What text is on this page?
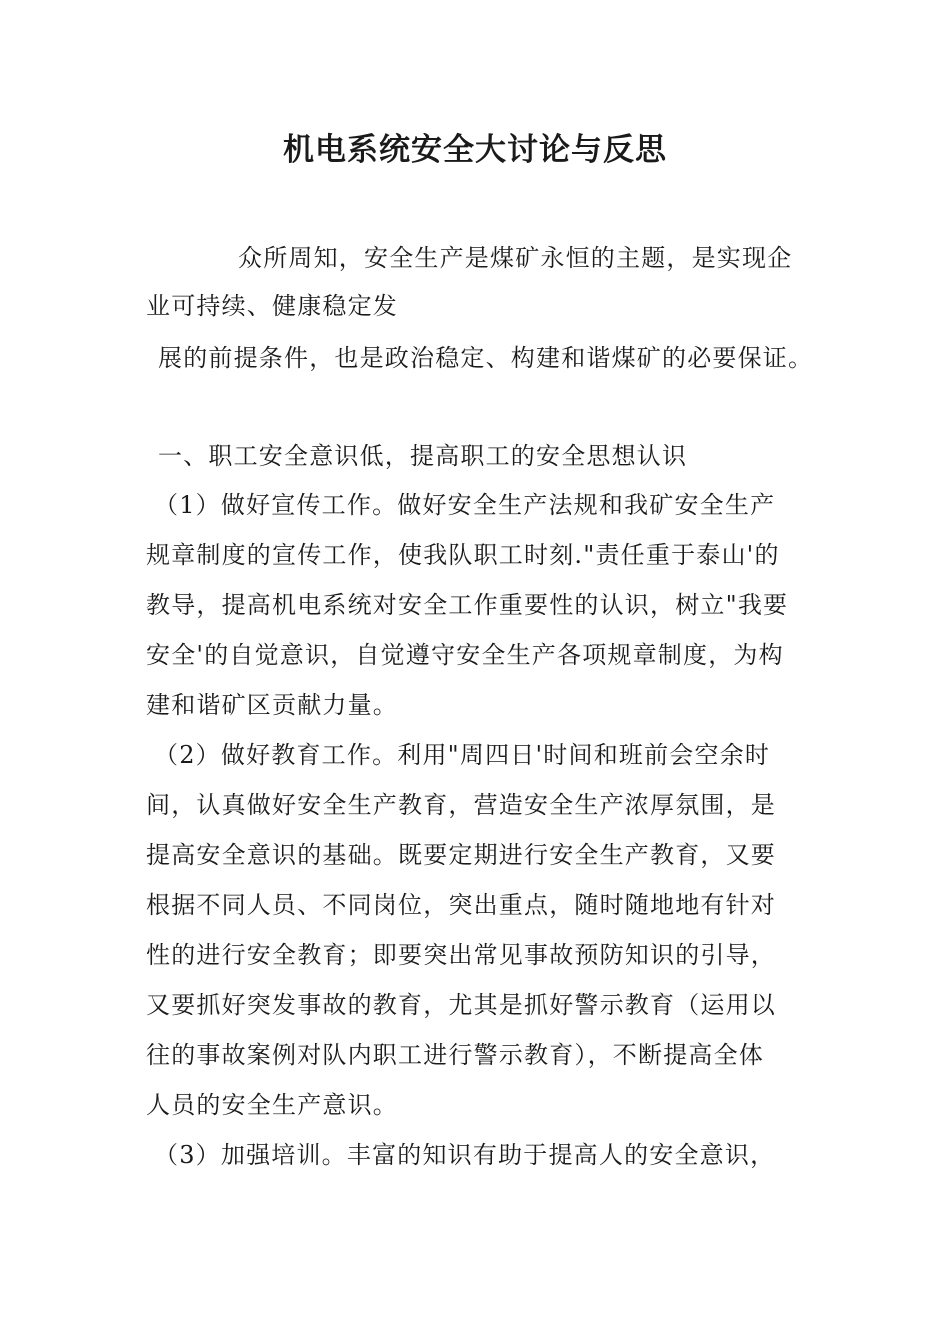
机电系统安全大讨论与反思
众所周知，安全生产是煤矿永恒的主题，是实现企
业可持续、健康稳定发
展的前提条件，也是政治稳定、构建和谐煤矿的必要保证。
一、职工安全意识低，提高职工的安全思想认识
（1）做好宣传工作。做好安全生产法规和我矿安全生产
规章制度的宣传工作，使我队职工时刻."责任重于泰山'的
教导，提高机电系统对安全工作重要性的认识，树立"我要
安全'的自觉意识，自觉遵守安全生产各项规章制度，为构
建和谐矿区贡献力量。
（2）做好教育工作。利用"周四日'时间和班前会空余时
间，认真做好安全生产教育，营造安全生产浓厚氛围，是
提高安全意识的基础。既要定期进行安全生产教育，又要
根据不同人员、不同岗位，突出重点，随时随地地有针对
性的进行安全教育；即要突出常见事故预防知识的引导，
又要抓好突发事故的教育，尤其是抓好警示教育（运用以
往的事故案例对队内职工进行警示教育），不断提高全体
人员的安全生产意识。
（3）加强培训。丰富的知识有助于提高人的安全意识，
